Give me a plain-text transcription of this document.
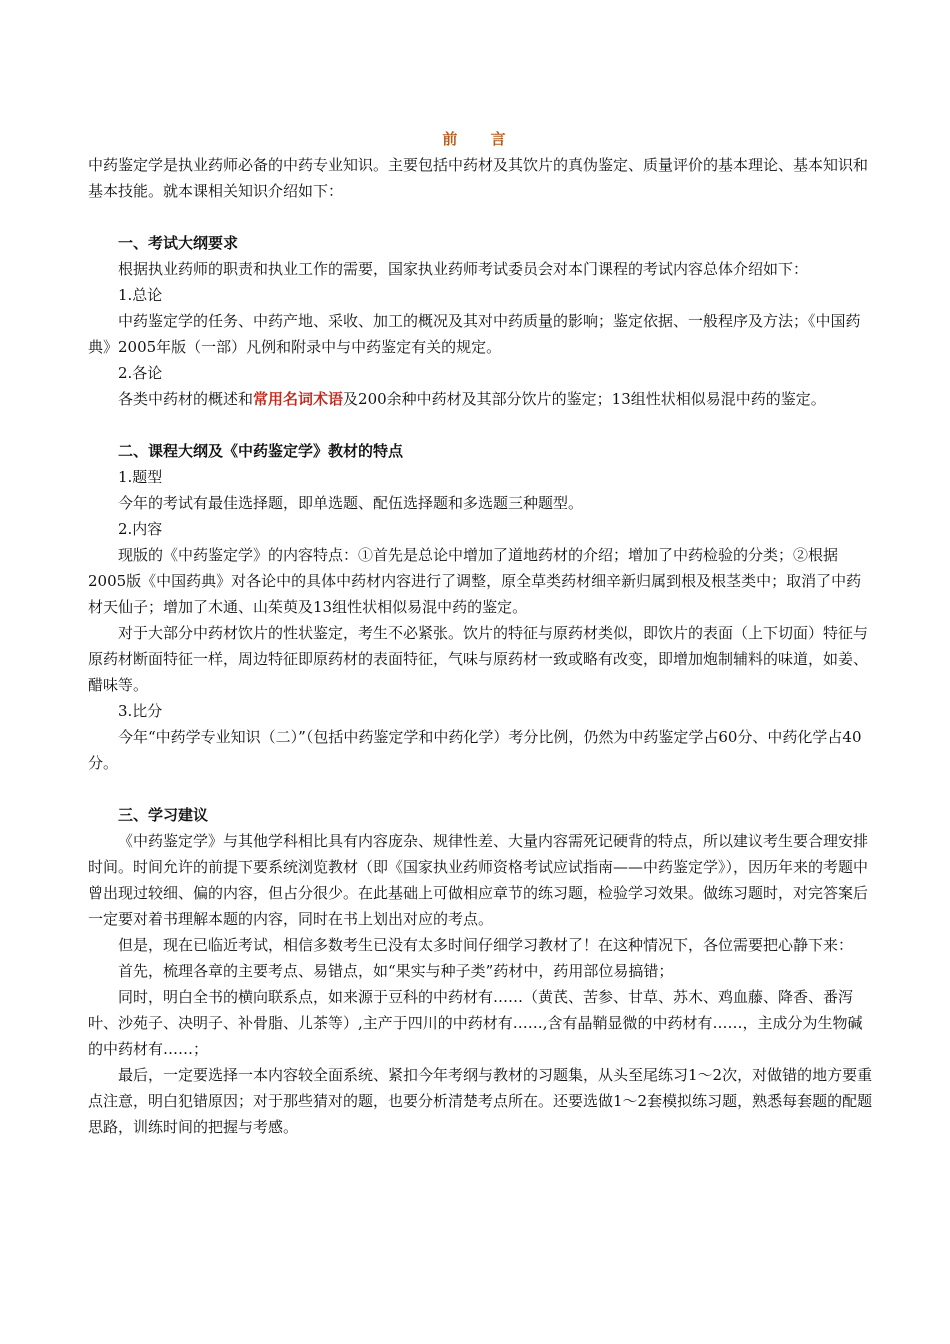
前 言

中药鉴定学是执业药师必备的中药专业知识。主要包括中药材及其饮片的真伪鉴定、质量评价的基本理论、基本知识和基本技能。就本课相关知识介绍如下：

一、考试大纲要求

根据执业药师的职责和执业工作的需要，国家执业药师考试委员会对本门课程的考试内容总体介绍如下：

1.总论

中药鉴定学的任务、中药产地、采收、加工的概况及其对中药质量的影响；鉴定依据、一般程序及方法；《中国药典》2005年版（一部）凡例和附录中与中药鉴定有关的规定。

2.各论

各类中药材的概述和常用名词术语及200余种中药材及其部分饮片的鉴定；13组性状相似易混中药的鉴定。

二、课程大纲及《中药鉴定学》教材的特点

1.题型

今年的考试有最佳选择题，即单选题、配伍选择题和多选题三种题型。

2.内容

现版的《中药鉴定学》的内容特点：①首先是总论中增加了道地药材的介绍；增加了中药检验的分类；②根据2005版《中国药典》对各论中的具体中药材内容进行了调整，原全草类药材细辛新归属到根及根茎类中；取消了中药材天仙子；增加了木通、山茱萸及13组性状相似易混中药的鉴定。

对于大部分中药材饮片的性状鉴定，考生不必紧张。饮片的特征与原药材类似，即饮片的表面（上下切面）特征与原药材断面特征一样，周边特征即原药材的表面特征，气味与原药材一致或略有改变，即增加炮制辅料的味道，如姜、醋味等。

3.比分

今年“中药学专业知识（二）”（包括中药鉴定学和中药化学）考分比例，仍然为中药鉴定学占60分、中药化学占40分。

三、学习建议

《中药鉴定学》与其他学科相比具有内容庞杂、规律性差、大量内容需死记硬背的特点，所以建议考生要合理安排时间。时间允许的前提下要系统浏览教材（即《国家执业药师资格考试应试指南——中药鉴定学》），因历年来的考题中曾出现过较细、偏的内容，但占分很少。在此基础上可做相应章节的练习题，检验学习效果。做练习题时，对完答案后一定要对着书理解本题的内容，同时在书上划出对应的考点。

但是，现在已临近考试，相信多数考生已没有太多时间仔细学习教材了！在这种情况下，各位需要把心静下来：

首先，梳理各章的主要考点、易错点，如“果实与种子类”药材中，药用部位易搞错；

同时，明白全书的横向联系点，如来源于豆科的中药材有……（黄芪、苦参、甘草、苏木、鸡血藤、降香、番泻叶、沙苑子、决明子、补骨脂、儿茶等）,主产于四川的中药材有……,含有晶鞘显微的中药材有……，主成分为生物碱的中药材有……；

最后，一定要选择一本内容较全面系统、紧扣今年考纲与教材的习题集，从头至尾练习1～2次，对做错的地方要重点注意，明白犯错原因；对于那些猜对的题，也要分析清楚考点所在。还要选做1～2套模拟练习题，熟悉每套题的配题思路，训练时间的把握与考感。
